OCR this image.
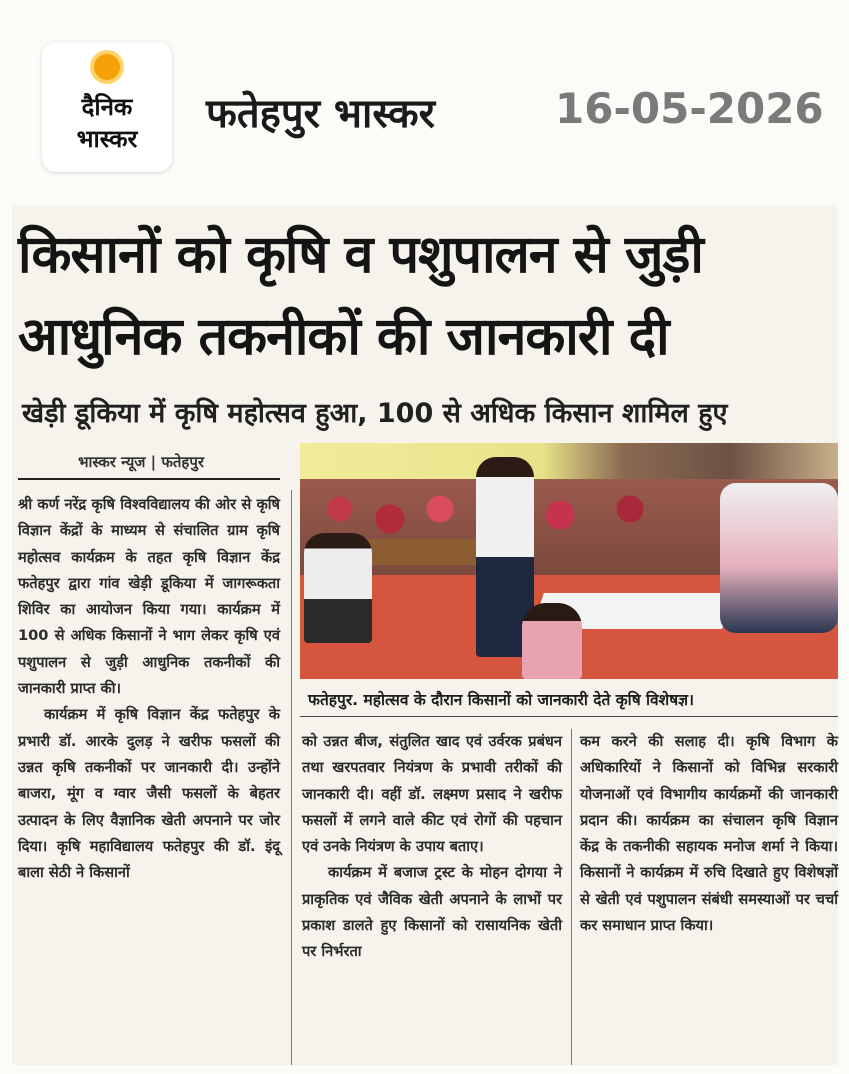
दैनिक
भास्कर
फतेहपुर भास्कर	16-05-2026
किसानों को कृषि व पशुपालन से जुड़ी
आधुनिक तकनीकों की जानकारी दी
खेड़ी डूकिया में कृषि महोत्सव हुआ, 100 से अधिक किसान शामिल हुए
भास्कर न्यूज | फतेहपुर
फतेहपुर. महोत्सव के दौरान किसानों को जानकारी देते कृषि विशेषज्ञ।

श्री कर्ण नरेंद्र कृषि विश्वविद्यालय की ओर से कृषि विज्ञान केंद्रों के माध्यम से संचालित ग्राम कृषि महोत्सव कार्यक्रम के तहत कृषि विज्ञान केंद्र फतेहपुर द्वारा गांव खेड़ी डूकिया में जागरूकता शिविर का आयोजन किया गया। कार्यक्रम में 100 से अधिक किसानों ने भाग लेकर कृषि एवं पशुपालन से जुड़ी आधुनिक तकनीकों की जानकारी प्राप्त की।

कार्यक्रम में कृषि विज्ञान केंद्र फतेहपुर के प्रभारी डॉ. आरके दुलड़ ने खरीफ फसलों की उन्नत कृषि तकनीकों पर जानकारी दी। उन्होंने बाजरा, मूंग व ग्वार जैसी फसलों के बेहतर उत्पादन के लिए वैज्ञानिक खेती अपनाने पर जोर दिया। कृषि महाविद्यालय फतेहपुर की डॉ. इंदू बाला सेठी ने किसानों

को उन्नत बीज, संतुलित खाद एवं उर्वरक प्रबंधन तथा खरपतवार नियंत्रण के प्रभावी तरीकों की जानकारी दी। वहीं डॉ. लक्ष्मण प्रसाद ने खरीफ फसलों में लगने वाले कीट एवं रोगों की पहचान एवं उनके नियंत्रण के उपाय बताए।

कार्यक्रम में बजाज ट्रस्ट के मोहन दोगया ने प्राकृतिक एवं जैविक खेती अपनाने के लाभों पर प्रकाश डालते हुए किसानों को रासायनिक खेती पर निर्भरता

कम करने की सलाह दी। कृषि विभाग के अधिकारियों ने किसानों को विभिन्न सरकारी योजनाओं एवं विभागीय कार्यक्रमों की जानकारी प्रदान की। कार्यक्रम का संचालन कृषि विज्ञान केंद्र के तकनीकी सहायक मनोज शर्मा ने किया। किसानों ने कार्यक्रम में रुचि दिखाते हुए विशेषज्ञों से खेती एवं पशुपालन संबंधी समस्याओं पर चर्चा कर समाधान प्राप्त किया।
